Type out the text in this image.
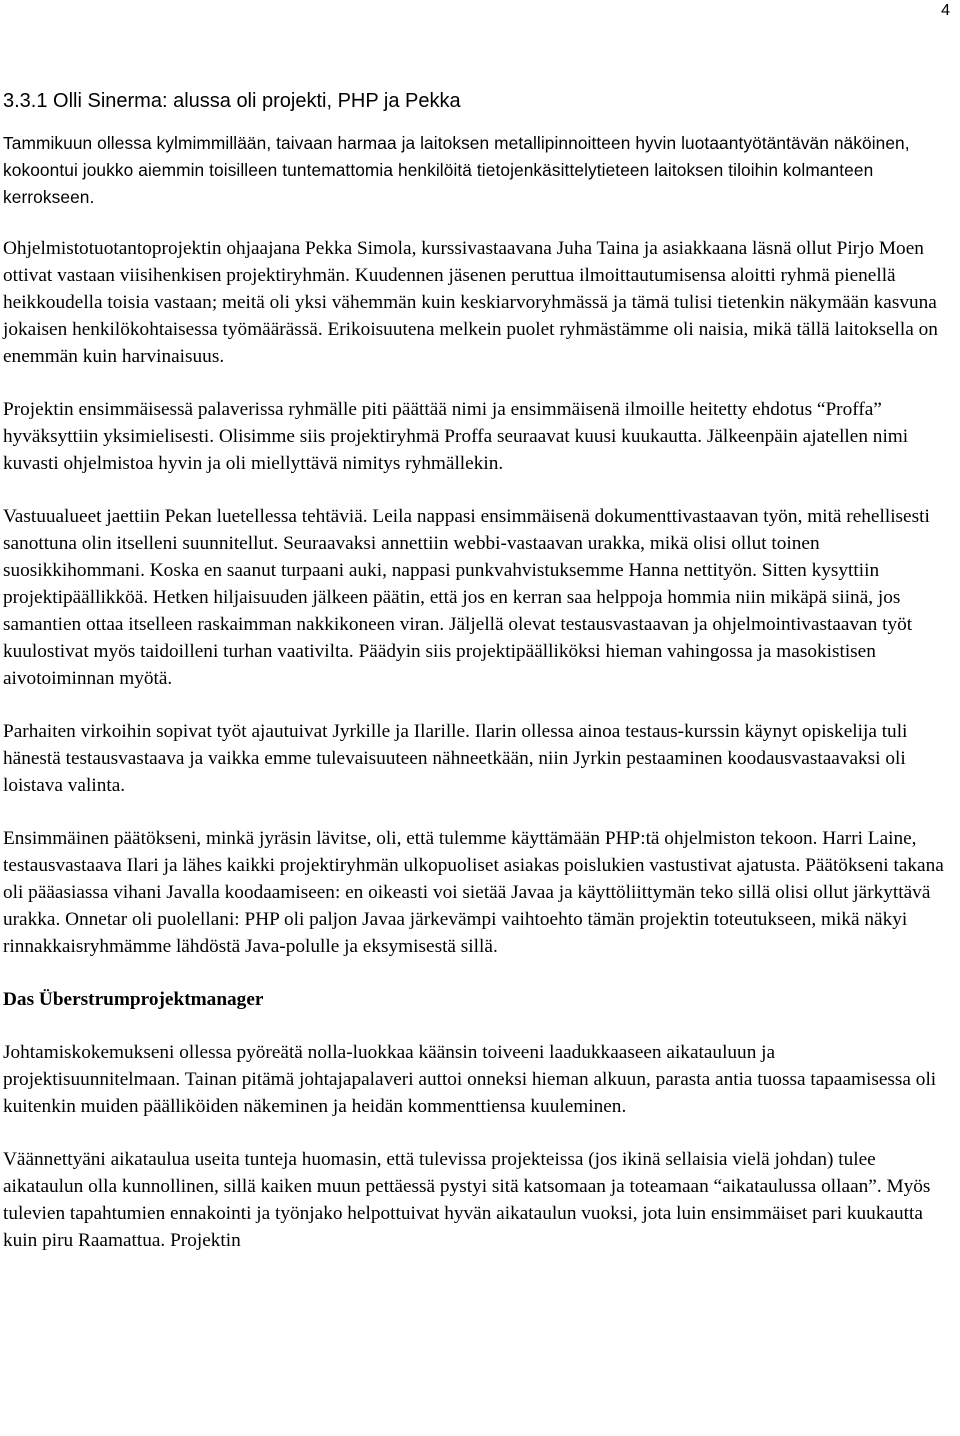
4
3.3.1 Olli Sinerma: alussa oli projekti, PHP ja Pekka

Tammikuun ollessa kylmimmillään, taivaan harmaa ja laitoksen metallipinnoitteen hyvin luotaantyötäntävän näköinen, kokoontui joukko aiemmin toisilleen tuntemattomia henkilöitä tietojenkäsittelytieteen laitoksen tiloihin kolmanteen kerrokseen.

Ohjelmistotuotantoprojektin ohjaajana Pekka Simola, kurssivastaavana Juha Taina ja asiakkaana läsnä ollut Pirjo Moen ottivat vastaan viisihenkisen projektiryhmän. Kuudennen jäsenen peruttua ilmoittautumisensa aloitti ryhmä pienellä heikkoudella toisia vastaan; meitä oli yksi vähemmän kuin keskiarvoryhmässä ja tämä tulisi tietenkin näkymään kasvuna jokaisen henkilökohtaisessa työmäärässä. Erikoisuutena melkein puolet ryhmästämme oli naisia, mikä tällä laitoksella on enemmän kuin harvinaisuus.

Projektin ensimmäisessä palaverissa ryhmälle piti päättää nimi ja ensimmäisenä ilmoille heitetty ehdotus “Proffa” hyväksyttiin yksimielisesti. Olisimme siis projektiryhmä Proffa seuraavat kuusi kuukautta. Jälkeenpäin ajatellen nimi kuvasti ohjelmistoa hyvin ja oli miellyttävä nimitys ryhmällekin.

Vastuualueet jaettiin Pekan luetellessa tehtäviä. Leila nappasi ensimmäisenä dokumenttivastaavan työn, mitä rehellisesti sanottuna olin itselleni suunnitellut. Seuraavaksi annettiin webbi-vastaavan urakka, mikä olisi ollut toinen suosikkihommani. Koska en saanut turpaani auki, nappasi punkvahvistuksemme Hanna nettityön. Sitten kysyttiin projektipäällikköä. Hetken hiljaisuuden jälkeen päätin, että jos en kerran saa helppoja hommia niin mikäpä siinä, jos samantien ottaa itselleen raskaimman nakkikoneen viran. Jäljellä olevat testausvastaavan ja ohjelmointivastaavan työt kuulostivat myös taidoilleni turhan vaativilta. Päädyin siis projektipäälliköksi hieman vahingossa ja masokistisen aivotoiminnan myötä.

Parhaiten virkoihin sopivat työt ajautuivat Jyrkille ja Ilarille. Ilarin ollessa ainoa testaus-kurssin käynyt opiskelija tuli hänestä testausvastaava ja vaikka emme tulevaisuuteen nähneetkään, niin Jyrkin pestaaminen koodausvastaavaksi oli loistava valinta.

Ensimmäinen päätökseni, minkä jyräsin lävitse, oli, että tulemme käyttämään PHP:tä ohjelmiston tekoon. Harri Laine, testausvastaava Ilari ja lähes kaikki projektiryhmän ulkopuoliset asiakas poislukien vastustivat ajatusta. Päätökseni takana oli pääasiassa vihani Javalla koodaamiseen: en oikeasti voi sietää Javaa ja käyttöliittymän teko sillä olisi ollut järkyttävä urakka. Onnetar oli puolellani: PHP oli paljon Javaa järkevämpi vaihtoehto tämän projektin toteutukseen, mikä näkyi rinnakkaisryhmämme lähdöstä Java-polulle ja eksymisestä sillä.

Das Überstrumprojektmanager

Johtamiskokemukseni ollessa pyöreätä nolla-luokkaa käänsin toiveeni laadukkaaseen aikatauluun ja projektisuunnitelmaan. Tainan pitämä johtajapalaveri auttoi onneksi hieman alkuun, parasta antia tuossa tapaamisessa oli kuitenkin muiden päälliköiden näkeminen ja heidän kommenttiensa kuuleminen.

Väännettyäni aikataulua useita tunteja huomasin, että tulevissa projekteissa (jos ikinä sellaisia vielä johdan) tulee aikataulun olla kunnollinen, sillä kaiken muun pettäessä pystyi sitä katsomaan ja toteamaan “aikataulussa ollaan”. Myös tulevien tapahtumien ennakointi ja työnjako helpottuivat hyvän aikataulun vuoksi, jota luin ensimmäiset pari kuukautta kuin piru Raamattua. Projektin
